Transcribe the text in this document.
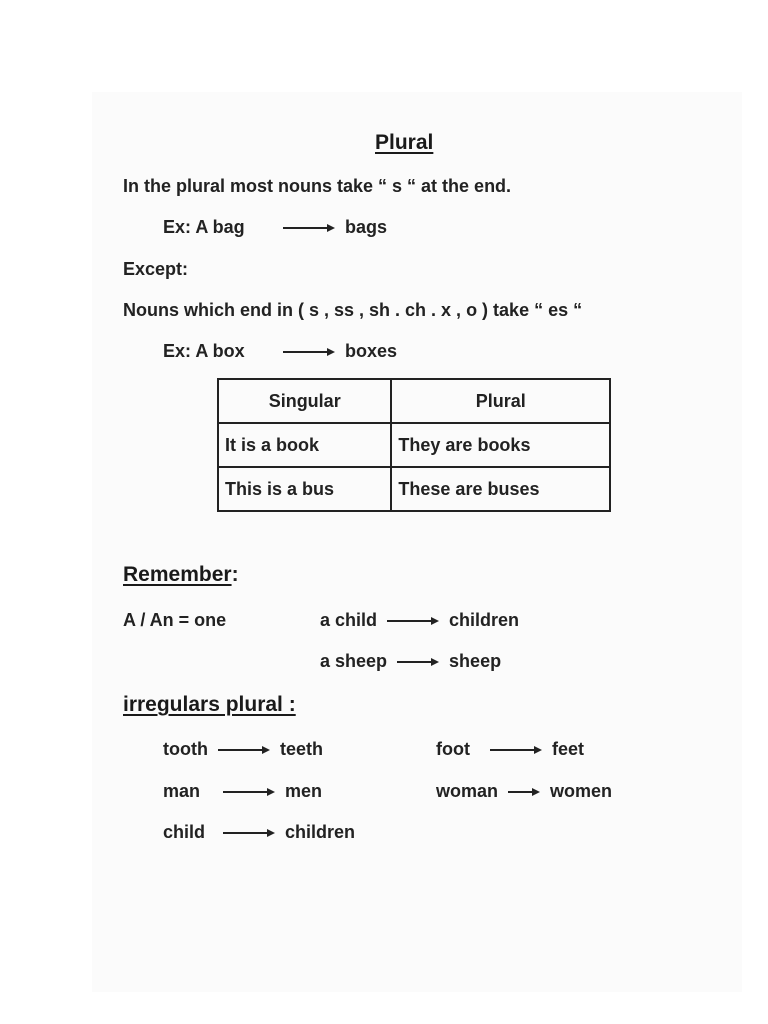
Plural
In the plural most nouns take “ s “ at the end.
Ex: A bag	bags
Except:
Nouns which end in ( s , ss , sh . ch . x , o ) take “ es “
Ex: A box	boxes
Singular	Plural
It is a book	They are books
This is a bus	These are buses
Remember:
A / An = one	a child	children
a sheep	sheep
irregulars plural :
tooth	teeth	foot	feet
man	men	woman	women
child	children
